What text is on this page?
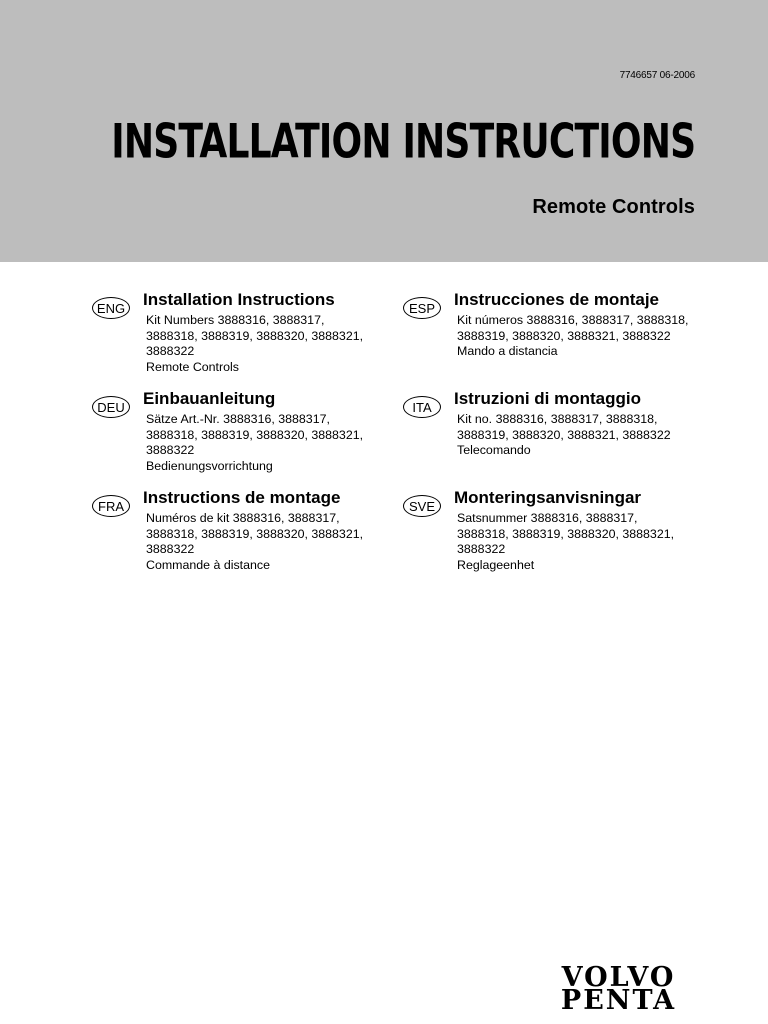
7746657 06-2006
INSTALLATION INSTRUCTIONS
Remote Controls
ENG Installation Instructions
Kit Numbers 3888316, 3888317,
3888318, 3888319, 3888320, 3888321,
3888322
Remote Controls
ESP	Instrucciones de montaje
Kit números 3888316, 3888317, 3888318,
3888319, 3888320, 3888321, 3888322
Mando a distancia
DEU	Einbauanleitung
Sätze Art.-Nr. 3888316, 3888317,
3888318, 3888319, 3888320, 3888321,
3888322
Bedienungsvorrichtung
ITA	Istruzioni di montaggio
Kit no. 3888316, 3888317, 3888318,
3888319, 3888320, 3888321, 3888322
Telecomando
FRA	Instructions de montage
Numéros de kit 3888316, 3888317,
3888318, 3888319, 3888320, 3888321,
3888322
Commande à distance
SVE	Monteringsanvisningar
Satsnummer 3888316, 3888317,
3888318, 3888319, 3888320, 3888321,
3888322
Reglageenhet
VOLVO
PENTA
